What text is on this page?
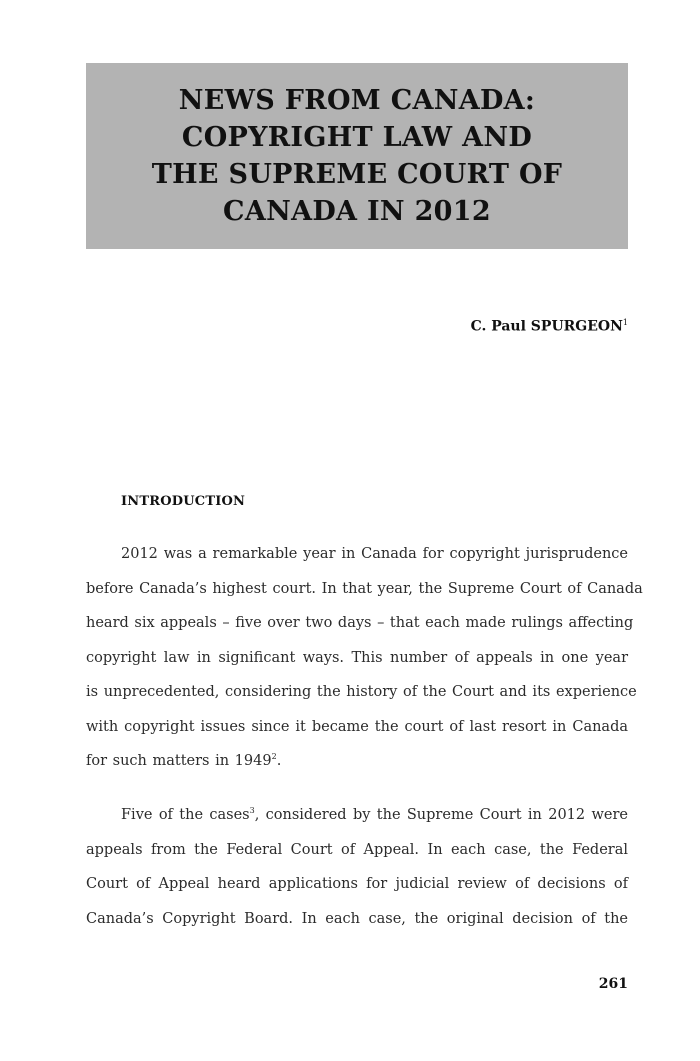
NEWS FROM CANADA:
COPYRIGHT LAW AND
THE SUPREME COURT OF
CANADA IN 2012
C. Paul SPURGEON$^1$
INTRODUCTION
2012 was a remarkable year in Canada for copyright jurisprudence
before Canada’s highest court. In that year, the Supreme Court of Canada
heard six appeals – five over two days – that each made rulings affecting
copyright law in significant ways. This number of appeals in one year
is unprecedented, considering the history of the Court and its experience
with copyright issues since it became the court of last resort in Canada
for such matters in 1949$^2$.
Five of the cases$^3$, considered by the Supreme Court in 2012 were
appeals from the Federal Court of Appeal. In each case, the Federal
Court of Appeal heard applications for judicial review of decisions of
Canada’s Copyright Board. In each case, the original decision of the
261
